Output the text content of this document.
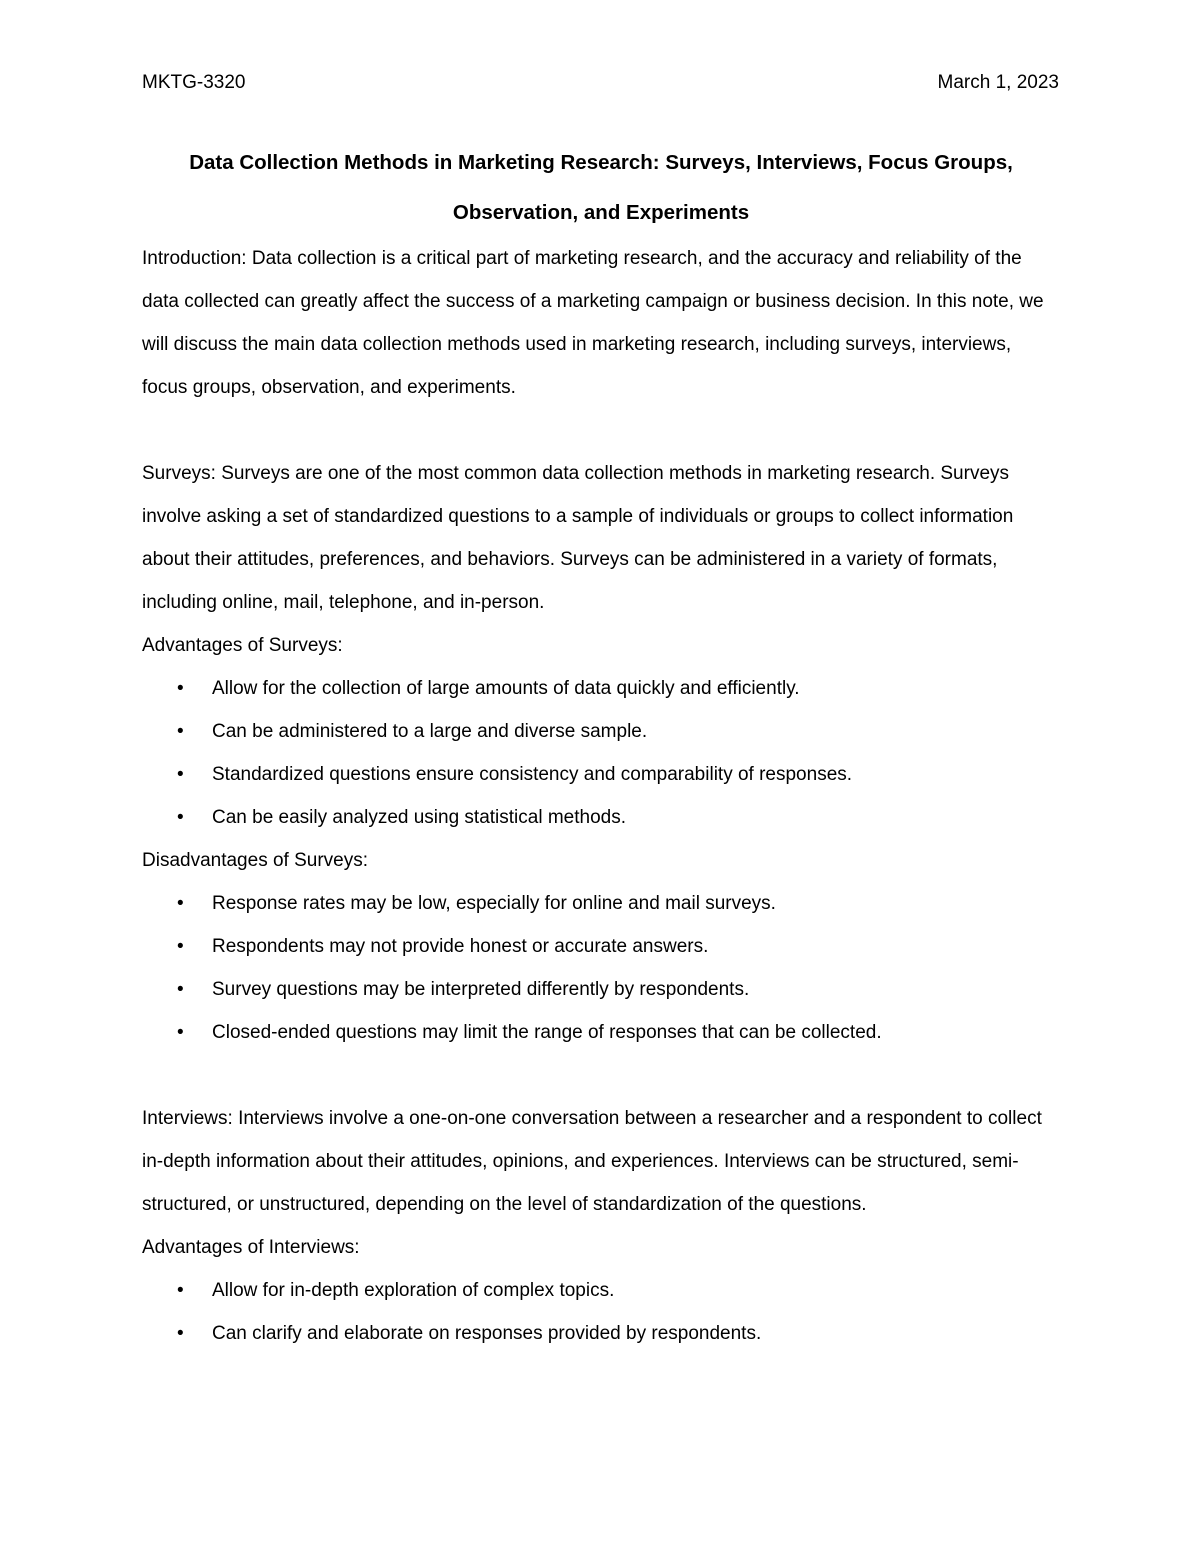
MKTG-3320	March 1, 2023
Data Collection Methods in Marketing Research: Surveys, Interviews, Focus Groups, Observation, and Experiments

Introduction: Data collection is a critical part of marketing research, and the accuracy and reliability of the data collected can greatly affect the success of a marketing campaign or business decision. In this note, we will discuss the main data collection methods used in marketing research, including surveys, interviews, focus groups, observation, and experiments.

Surveys: Surveys are one of the most common data collection methods in marketing research. Surveys involve asking a set of standardized questions to a sample of individuals or groups to collect information about their attitudes, preferences, and behaviors. Surveys can be administered in a variety of formats, including online, mail, telephone, and in-person.

Advantages of Surveys:

• Allow for the collection of large amounts of data quickly and efficiently.
• Can be administered to a large and diverse sample.
• Standardized questions ensure consistency and comparability of responses.
• Can be easily analyzed using statistical methods.

Disadvantages of Surveys:

• Response rates may be low, especially for online and mail surveys.
• Respondents may not provide honest or accurate answers.
• Survey questions may be interpreted differently by respondents.
• Closed-ended questions may limit the range of responses that can be collected.

Interviews: Interviews involve a one-on-one conversation between a researcher and a respondent to collect in-depth information about their attitudes, opinions, and experiences. Interviews can be structured, semi-structured, or unstructured, depending on the level of standardization of the questions.

Advantages of Interviews:

• Allow for in-depth exploration of complex topics.
• Can clarify and elaborate on responses provided by respondents.
